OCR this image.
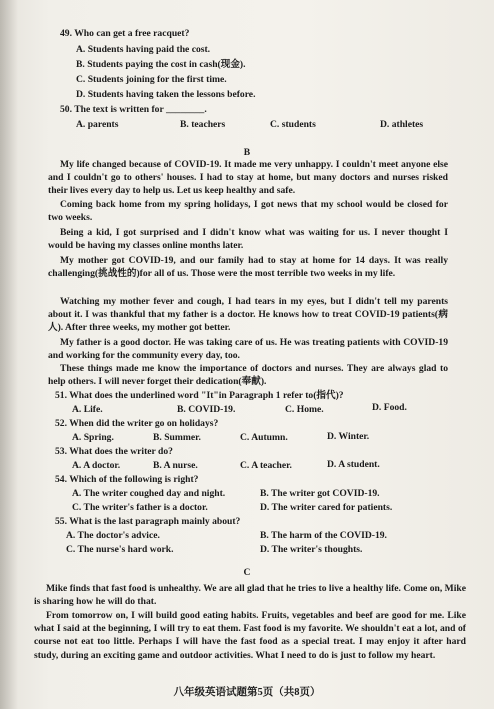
49. Who can get a free racquet?
A. Students having paid the cost.
B. Students paying the cost in cash(现金).
C. Students joining for the first time.
D. Students having taken the lessons before.
50. The text is written for ________.
A. parents	B. teachers	C. students	D. athletes
B
My life changed because of COVID-19. It made me very unhappy. I couldn't meet anyone else and I couldn't go to others' houses. I had to stay at home, but many doctors and nurses risked their lives every day to help us. Let us keep healthy and safe.
Coming back home from my spring holidays, I got news that my school would be closed for two weeks.
Being a kid, I got surprised and I didn't know what was waiting for us. I never thought I would be having my classes online months later.
My mother got COVID-19, and our family had to stay at home for 14 days. It was really challenging(挑战性的)for all of us. Those were the most terrible two weeks in my life.
Watching my mother fever and cough, I had tears in my eyes, but I didn't tell my parents about it. I was thankful that my father is a doctor. He knows how to treat COVID-19 patients(病人). After three weeks, my mother got better.
My father is a good doctor. He was taking care of us. He was treating patients with COVID-19 and working for the community every day, too.
These things made me know the importance of doctors and nurses. They are always glad to help others. I will never forget their dedication(奉献).
51. What does the underlined word "It"in Paragraph 1 refer to(指代)?
A. Life.	B. COVID-19.	C. Home.	D. Food.
52. When did the writer go on holidays?
A. Spring.	B. Summer.	C. Autumn.	D. Winter.
53. What does the writer do?
A. A doctor.	B. A nurse.	C. A teacher.	D. A student.
54. Which of the following is right?
A. The writer coughed day and night.	B. The writer got COVID-19.
C. The writer's father is a doctor.	D. The writer cared for patients.
55. What is the last paragraph mainly about?
A. The doctor's advice.	B. The harm of the COVID-19.
C. The nurse's hard work.	D. The writer's thoughts.
C
Mike finds that fast food is unhealthy. We are all glad that he tries to live a healthy life. Come on, Mike is sharing how he will do that.
From tomorrow on, I will build good eating habits. Fruits, vegetables and beef are good for me. Like what I said at the beginning, I will try to eat them. Fast food is my favorite. We shouldn't eat a lot, and of course not eat too little. Perhaps I will have the fast food as a special treat. I may enjoy it after hard study, during an exciting game and outdoor activities. What I need to do is just to follow my heart.
八年级英语试题第5页（共8页）
